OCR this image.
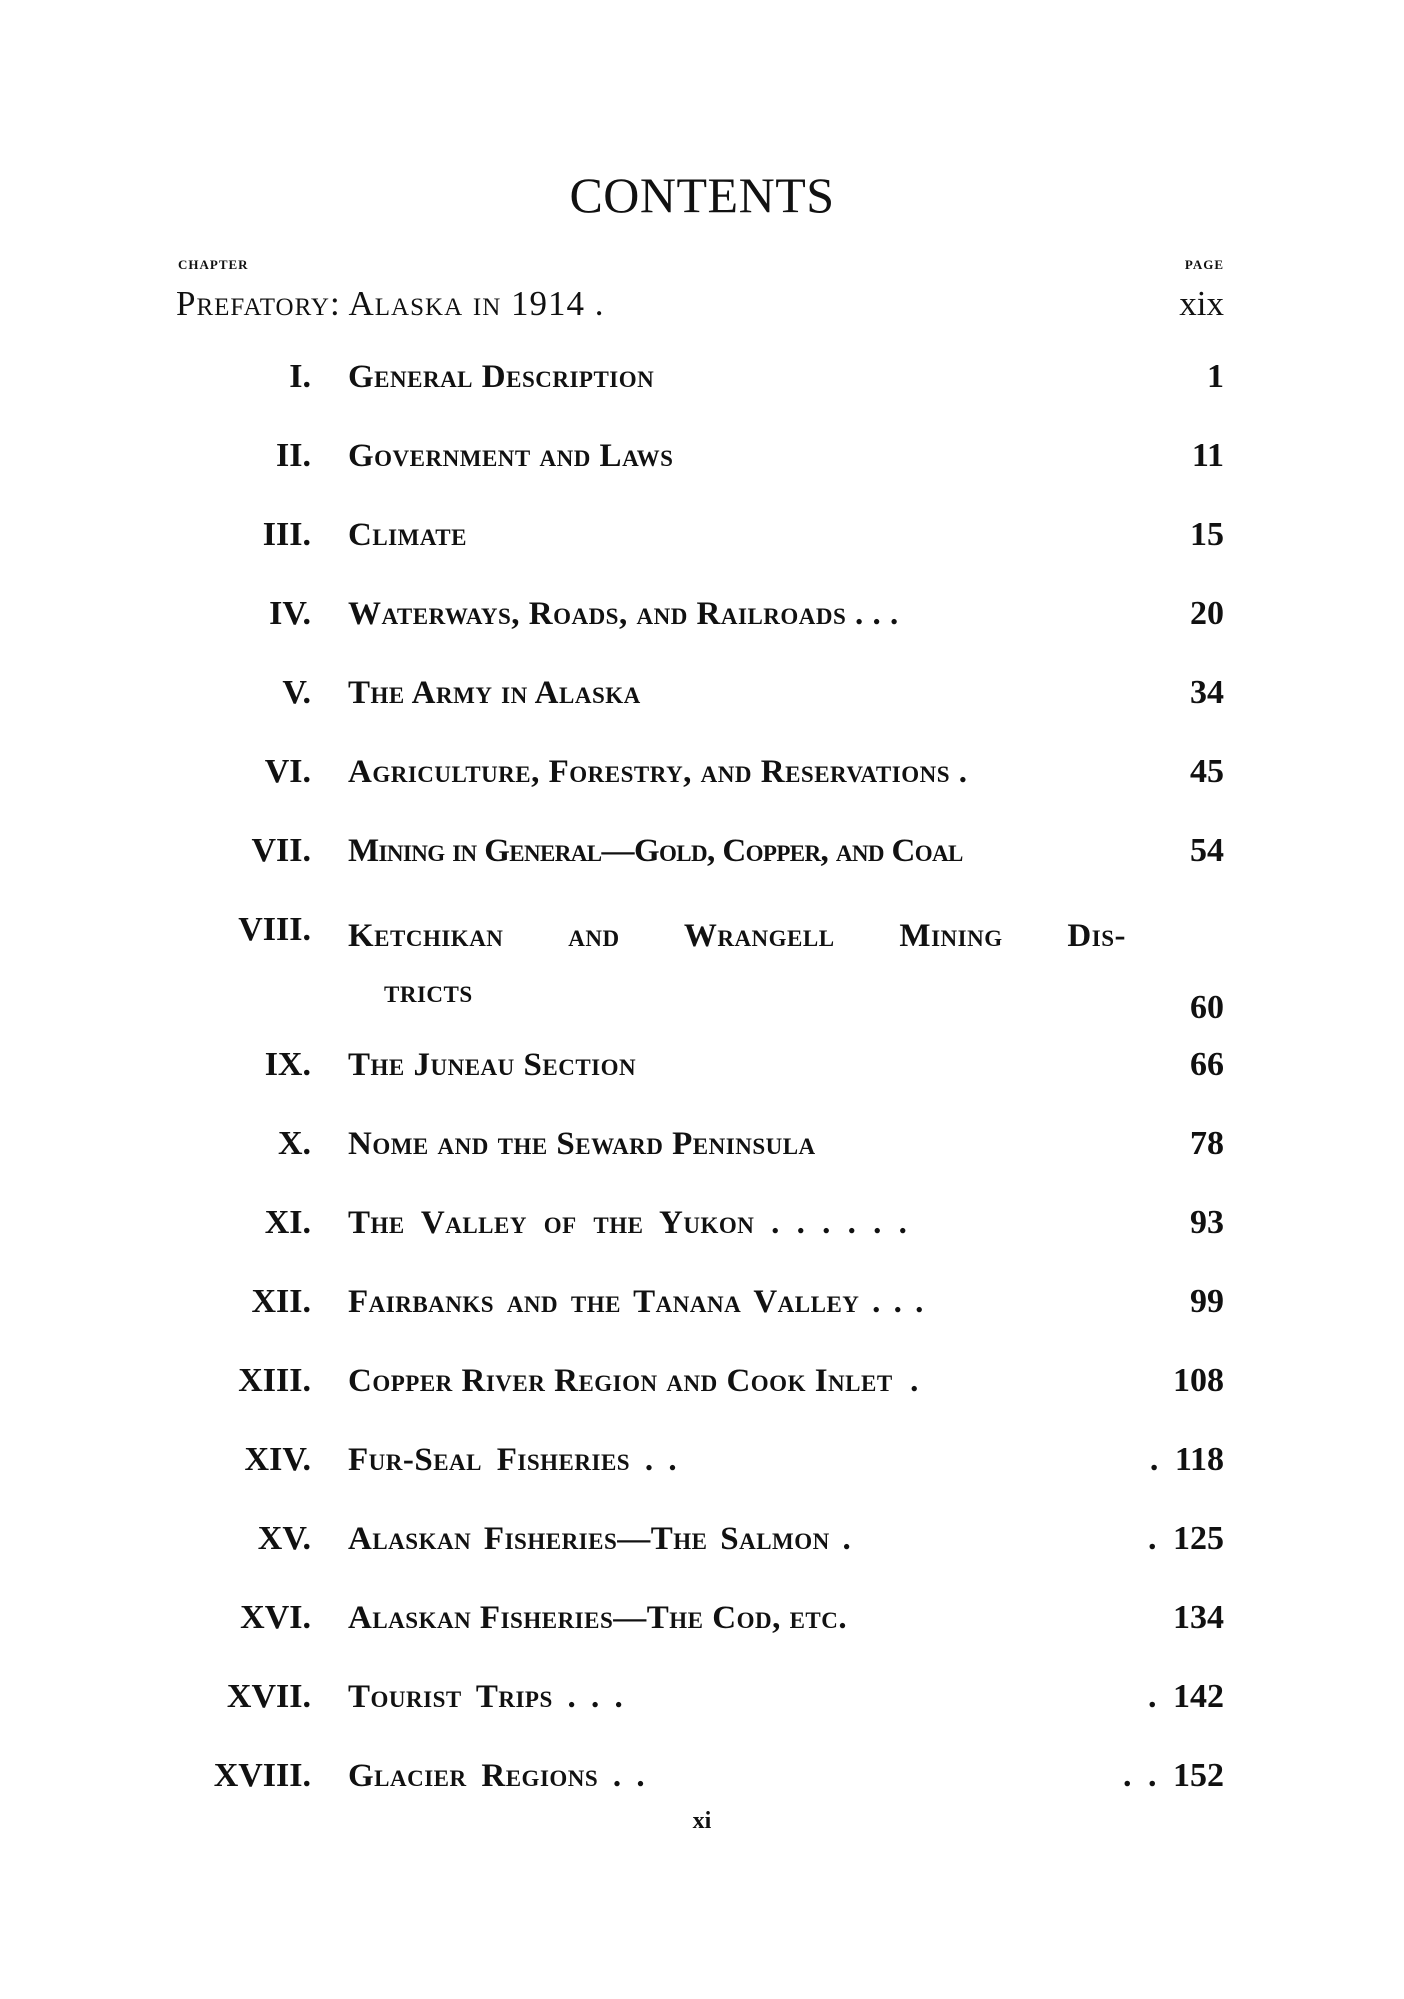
CONTENTS
CHAPTER	PAGE
Prefatory: Alaska in 1914 .	xix
I. General Description	1
II. Government and Laws	11
III. Climate	15
IV. Waterways, Roads, and Railroads . . .	20
V. The Army in Alaska	34
VI. Agriculture, Forestry, and Reservations .	45
VII. Mining in General—Gold, Copper, and Coal	54
VIII. Ketchikan and Wrangell Mining Dis-
tricts	60
IX. The Juneau Section	66
X. Nome and the Seward Peninsula	78
XI. The Valley of the Yukon . . . . . .	93
XII. Fairbanks and the Tanana Valley . . .	99
XIII. Copper River Region and Cook Inlet  .	108
XIV. Fur-Seal Fisheries . .	. 118
XV. Alaskan Fisheries—The Salmon .	. 125
XVI. Alaskan Fisheries—The Cod, etc.	134
XVII. Tourist Trips . . .	. 142
XVIII. Glacier Regions . .	. . 152
xi
